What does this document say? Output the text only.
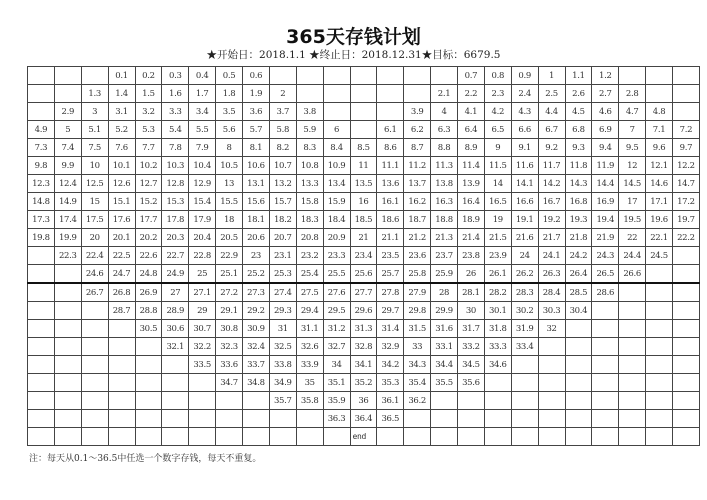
365天存钱计划
★开始日：2018.1.1 ★终止日：2018.12.31★目标：6679.5
			0.1	0.2	0.3	0.4	0.5	0.6								0.7	0.8	0.9	1	1.1	1.2			
		1.3	1.4	1.5	1.6	1.7	1.8	1.9	2						2.1	2.2	2.3	2.4	2.5	2.6	2.7	2.8		
	2.9	3	3.1	3.2	3.3	3.4	3.5	3.6	3.7	3.8				3.9	4	4.1	4.2	4.3	4.4	4.5	4.6	4.7	4.8	
4.9	5	5.1	5.2	5.3	5.4	5.5	5.6	5.7	5.8	5.9	6		6.1	6.2	6.3	6.4	6.5	6.6	6.7	6.8	6.9	7	7.1	7.2
7.3	7.4	7.5	7.6	7.7	7.8	7.9	8	8.1	8.2	8.3	8.4	8.5	8.6	8.7	8.8	8.9	9	9.1	9.2	9.3	9.4	9.5	9.6	9.7
9.8	9.9	10	10.1	10.2	10.3	10.4	10.5	10.6	10.7	10.8	10.9	11	11.1	11.2	11.3	11.4	11.5	11.6	11.7	11.8	11.9	12	12.1	12.2
12.3	12.4	12.5	12.6	12.7	12.8	12.9	13	13.1	13.2	13.3	13.4	13.5	13.6	13.7	13.8	13.9	14	14.1	14.2	14.3	14.4	14.5	14.6	14.7
14.8	14.9	15	15.1	15.2	15.3	15.4	15.5	15.6	15.7	15.8	15.9	16	16.1	16.2	16.3	16.4	16.5	16.6	16.7	16.8	16.9	17	17.1	17.2
17.3	17.4	17.5	17.6	17.7	17.8	17.9	18	18.1	18.2	18.3	18.4	18.5	18.6	18.7	18.8	18.9	19	19.1	19.2	19.3	19.4	19.5	19.6	19.7
19.8	19.9	20	20.1	20.2	20.3	20.4	20.5	20.6	20.7	20.8	20.9	21	21.1	21.2	21.3	21.4	21.5	21.6	21.7	21.8	21.9	22	22.1	22.2
	22.3	22.4	22.5	22.6	22.7	22.8	22.9	23	23.1	23.2	23.3	23.4	23.5	23.6	23.7	23.8	23.9	24	24.1	24.2	24.3	24.4	24.5	
		24.6	24.7	24.8	24.9	25	25.1	25.2	25.3	25.4	25.5	25.6	25.7	25.8	25.9	26	26.1	26.2	26.3	26.4	26.5	26.6		
		26.7	26.8	26.9	27	27.1	27.2	27.3	27.4	27.5	27.6	27.7	27.8	27.9	28	28.1	28.2	28.3	28.4	28.5	28.6			
			28.7	28.8	28.9	29	29.1	29.2	29.3	29.4	29.5	29.6	29.7	29.8	29.9	30	30.1	30.2	30.3	30.4				
				30.5	30.6	30.7	30.8	30.9	31	31.1	31.2	31.3	31.4	31.5	31.6	31.7	31.8	31.9	32					
					32.1	32.2	32.3	32.4	32.5	32.6	32.7	32.8	32.9	33	33.1	33.2	33.3	33.4						
						33.5	33.6	33.7	33.8	33.9	34	34.1	34.2	34.3	34.4	34.5	34.6							
							34.7	34.8	34.9	35	35.1	35.2	35.3	35.4	35.5	35.6								
									35.7	35.8	35.9	36	36.1	36.2										
											36.3	36.4	36.5											
												end												
注：每天从0.1～36.5中任选一个数字存钱，每天不重复。
